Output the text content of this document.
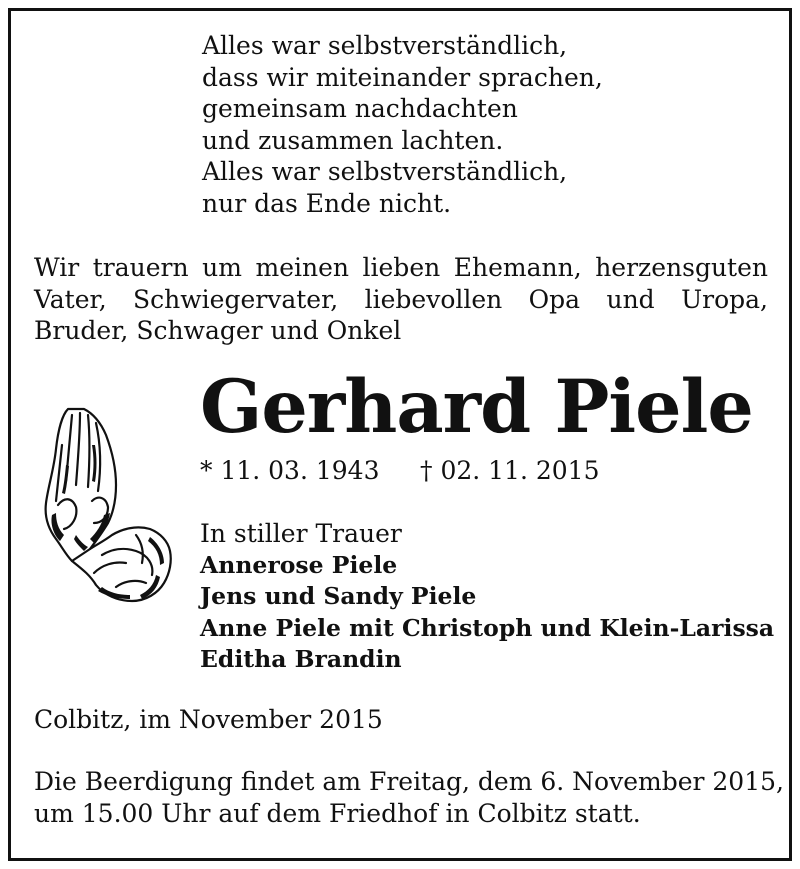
Alles war selbstverständlich,
dass wir miteinander sprachen,
gemeinsam nachdachten
und zusammen lachten.
Alles war selbstverständlich,
nur das Ende nicht.
Wir trauern um meinen lieben Ehemann, herzensguten
Vater, Schwiegervater, liebevollen Opa und Uropa,
Bruder, Schwager und Onkel
Gerhard Piele
* 11. 03. 1943 † 02. 11. 2015
In stiller Trauer
Annerose Piele
Jens und Sandy Piele
Anne Piele mit Christoph und Klein-Larissa
Editha Brandin
Colbitz, im November 2015
Die Beerdigung findet am Freitag, dem 6. November 2015,
um 15.00 Uhr auf dem Friedhof in Colbitz statt.
